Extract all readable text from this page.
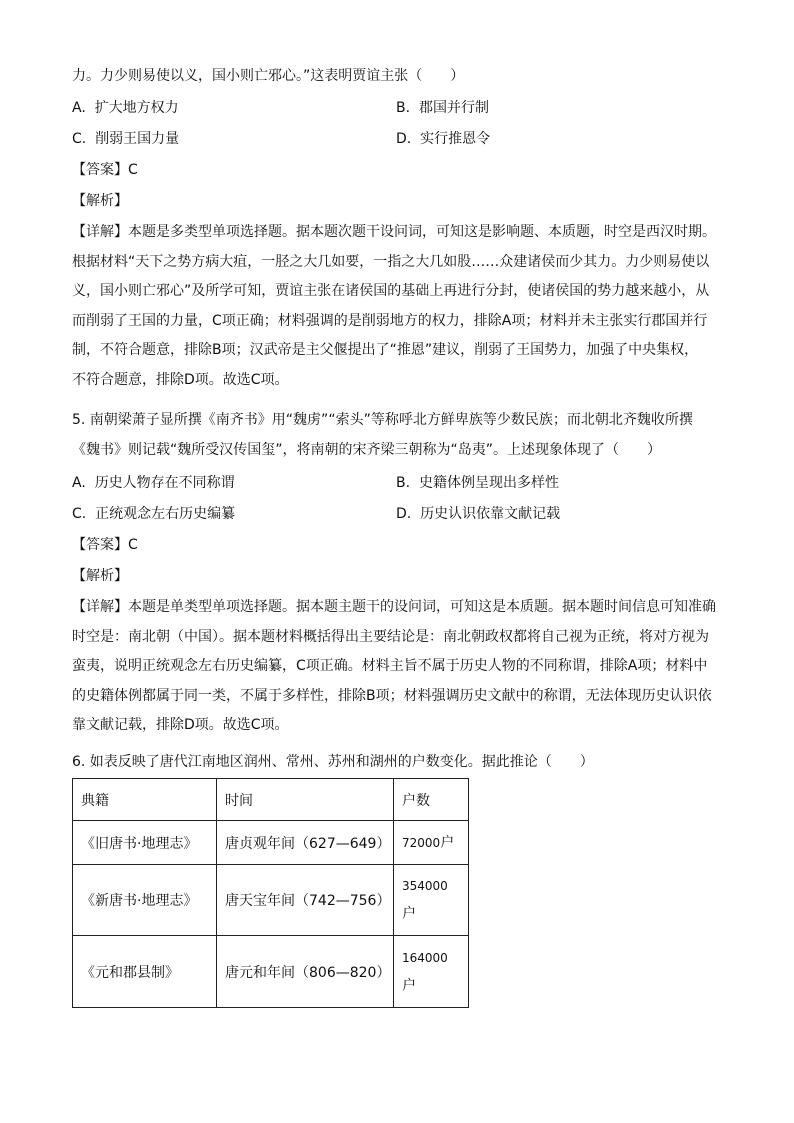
力。力少则易使以义，国小则亡邪心。”这表明贾谊主张（　　）
A. 扩大地方权力	B. 郡国并行制
C. 削弱王国力量	D. 实行推恩令
【答案】C
【解析】
【详解】本题是多类型单项选择题。据本题次题干设问词，可知这是影响题、本质题，时空是西汉时期。
根据材料“天下之势方病大疽，一胫之大几如要，一指之大几如股……众建诸侯而少其力。力少则易使以
义，国小则亡邪心”及所学可知，贾谊主张在诸侯国的基础上再进行分封，使诸侯国的势力越来越小，从
而削弱了王国的力量，C项正确；材料强调的是削弱地方的权力，排除A项；材料并未主张实行郡国并行
制，不符合题意，排除B项；汉武帝是主父偃提出了“推恩”建议，削弱了王国势力，加强了中央集权，
不符合题意，排除D项。故选C项。
5. 南朝梁萧子显所撰《南齐书》用“魏虏”“索头”等称呼北方鲜卑族等少数民族；而北朝北齐魏收所撰
《魏书》则记载“魏所受汉传国玺”，将南朝的宋齐梁三朝称为“岛夷”。上述现象体现了（　　）
A. 历史人物存在不同称谓	B. 史籍体例呈现出多样性
C. 正统观念左右历史编纂	D. 历史认识依靠文献记载
【答案】C
【解析】
【详解】本题是单类型单项选择题。据本题主题干的设问词，可知这是本质题。据本题时间信息可知准确
时空是：南北朝（中国）。据本题材料概括得出主要结论是：南北朝政权都将自己视为正统，将对方视为
蛮夷，说明正统观念左右历史编纂，C项正确。材料主旨不属于历史人物的不同称谓，排除A项；材料中
的史籍体例都属于同一类，不属于多样性，排除B项；材料强调历史文献中的称谓，无法体现历史认识依
靠文献记载，排除D项。故选C项。
6. 如表反映了唐代江南地区润州、常州、苏州和湖州的户数变化。据此推论（　　）
典籍	时间	户数
《旧唐书·地理志》	唐贞观年间（627—649）	72000户
《新唐书·地理志》	唐天宝年间（742—756）	354000
户

《元和郡县制》	唐元和年间（806—820）	164000
户
